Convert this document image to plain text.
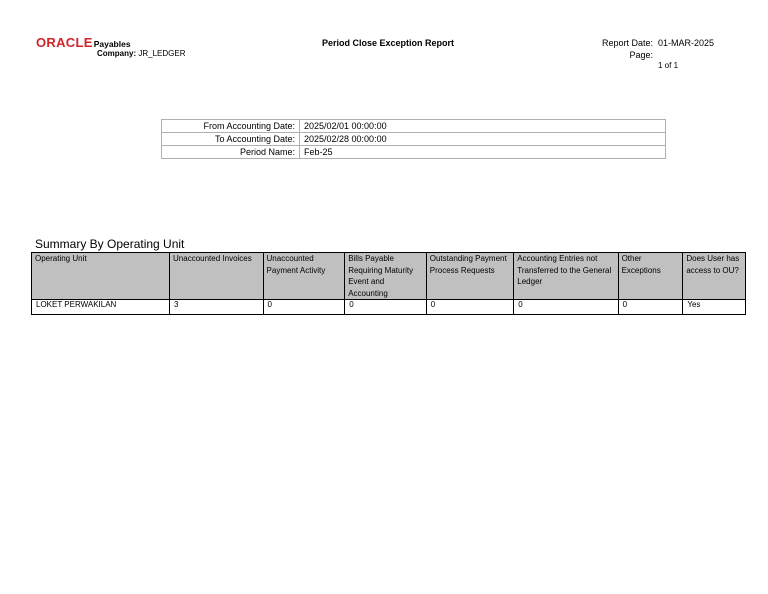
ORACLEPayables
Company: JR_LEDGER
Period Close Exception Report	Report Date:
Page:
01-MAR-2025
1 of 1
From Accounting Date:	2025/02/01 00:00:00
To Accounting Date:	2025/02/28 00:00:00
Period Name:	Feb-25
Summary By Operating Unit
Operating Unit	Unaccounted Invoices	Unaccounted Payment Activity	Bills Payable Requiring Maturity Event and Accounting	Outstanding Payment Process Requests	Accounting Entries not Transferred to the General Ledger	Other Exceptions	Does User has access to OU?
LOKET PERWAKILAN	3	0	0	0	0	0	Yes
